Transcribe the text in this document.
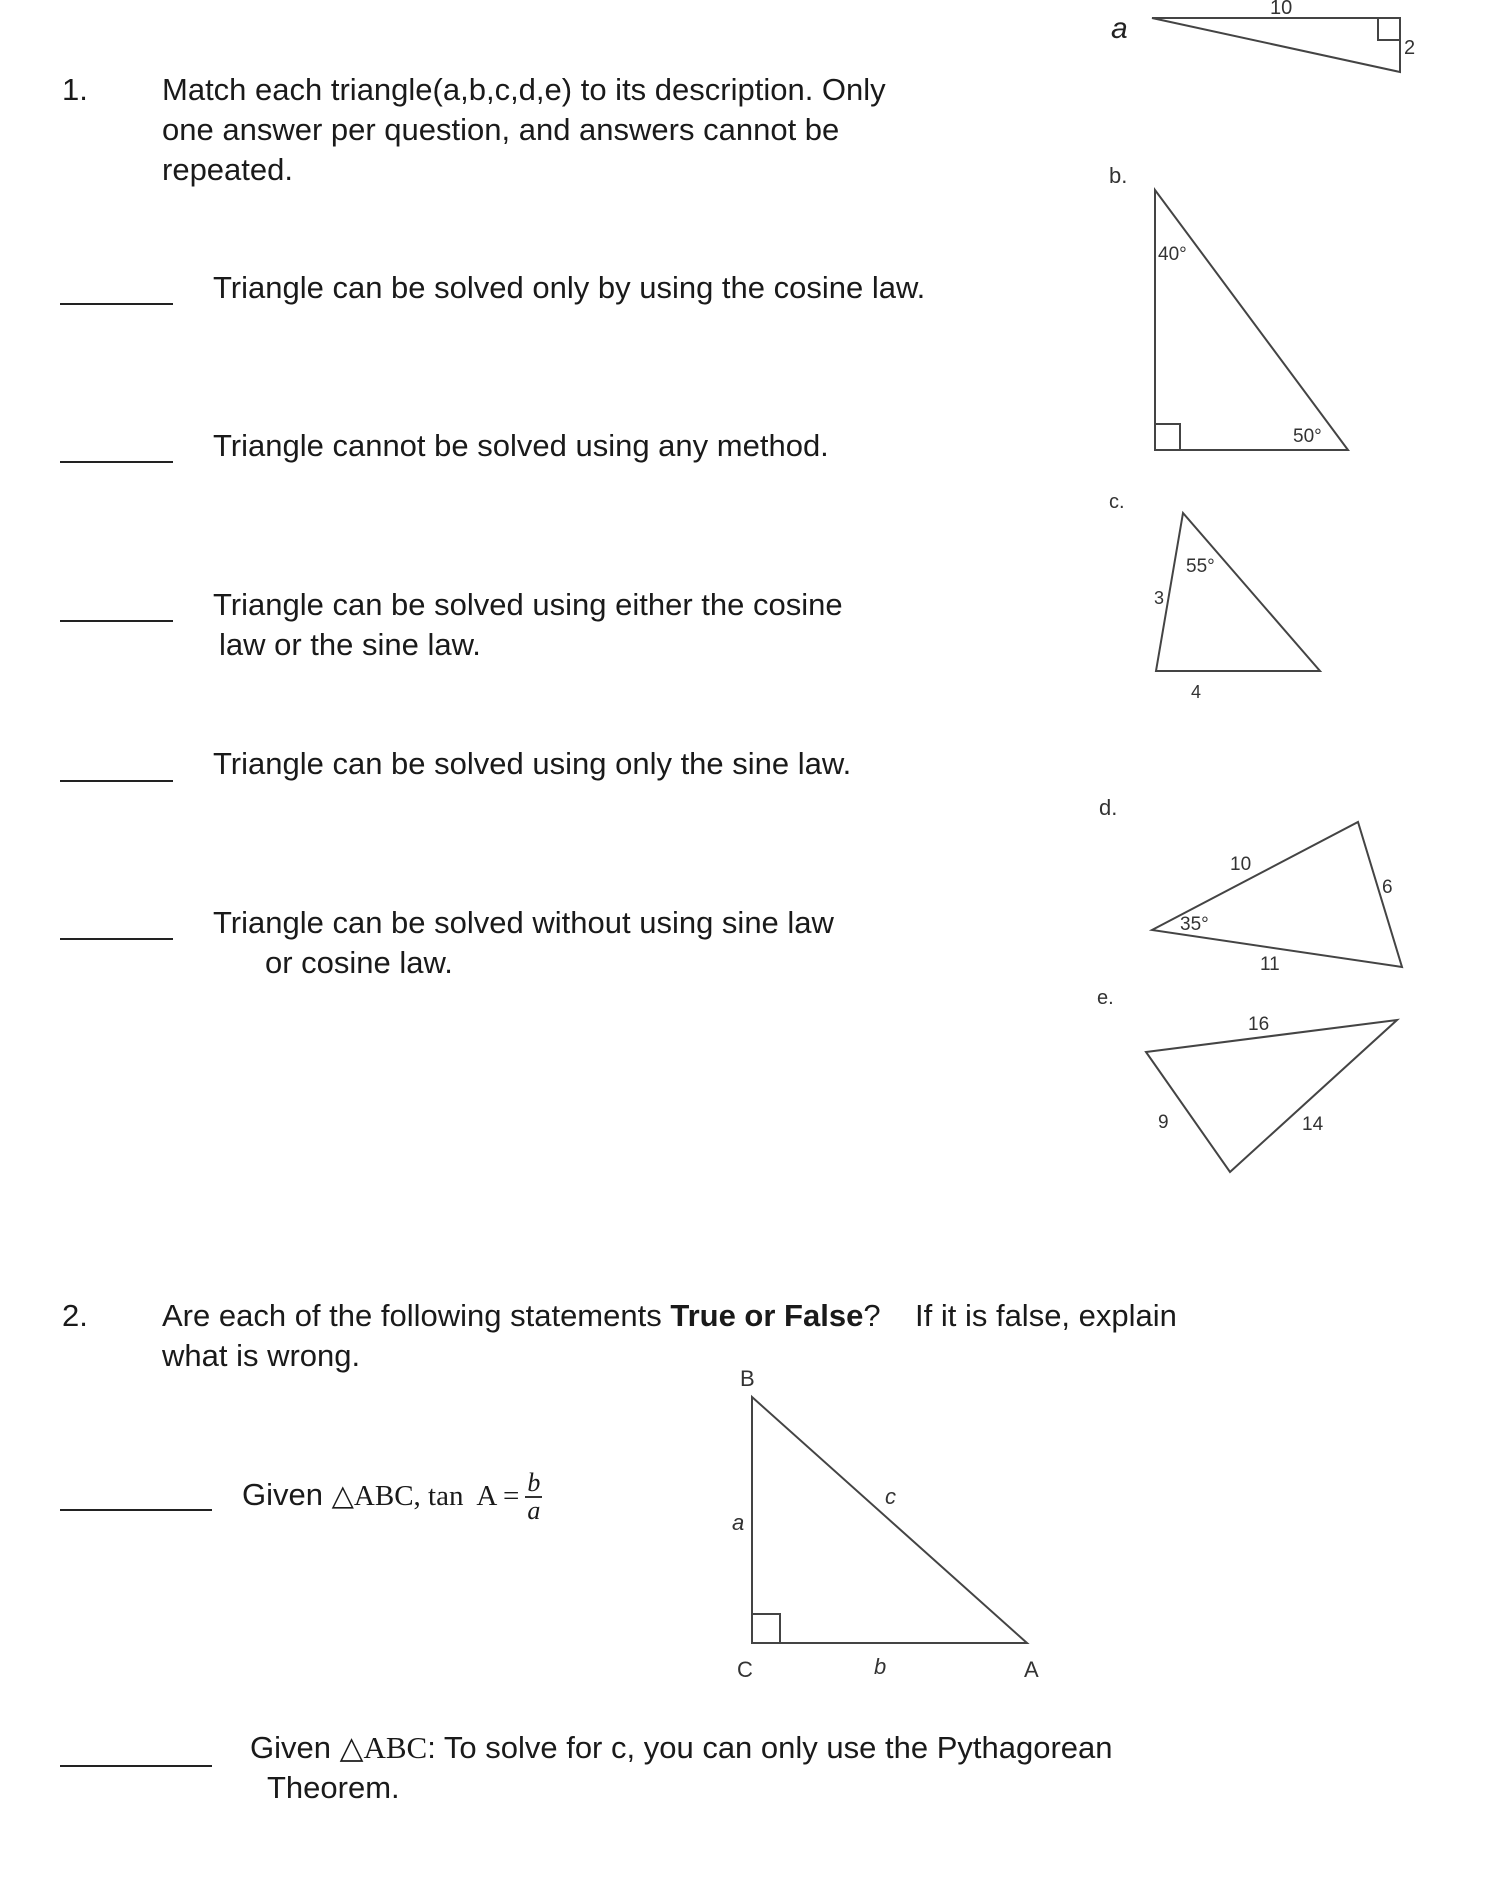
1. Match each triangle(a,b,c,d,e) to its description. Only
one answer per question, and answers cannot be
repeated.
Triangle can be solved only by using the cosine law.
Triangle cannot be solved using any method.
Triangle can be solved using either the cosine
law or the sine law.
Triangle can be solved using only the sine law.
Triangle can be solved without using sine law
or cosine law.
a
10
2
b.
40°
50°
c.
55°
3
4
d.
10
6
11
35°
e.
16
9	14
B
C	A
a
b
c
2. Are each of the following statements True or False?    If it is false, explain
what is wrong.
Given △ABC, $\tan A = \frac{b}{a}$
Given △ABC: To solve for c, you can only use the Pythagorean
Theorem.
